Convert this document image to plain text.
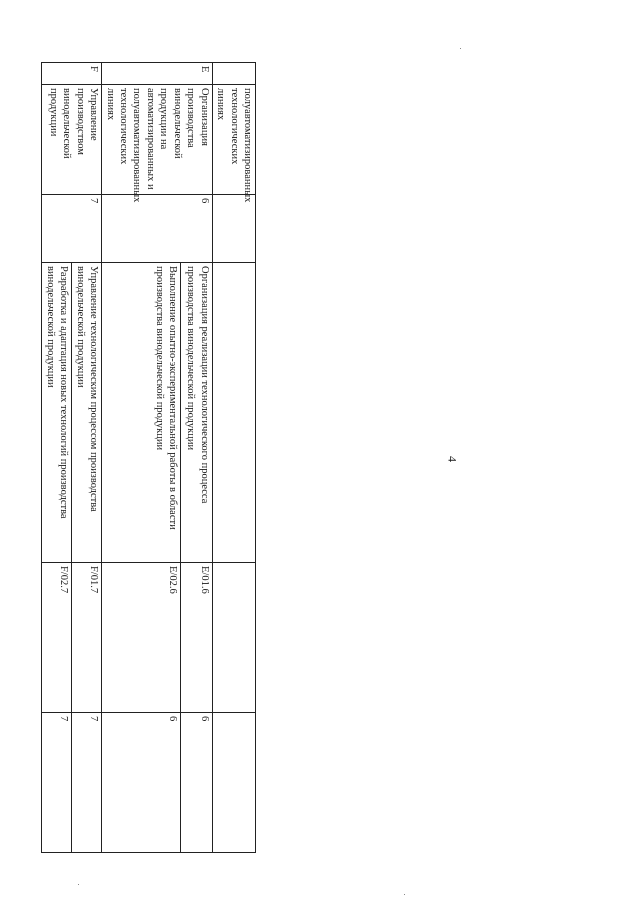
4
	полуавтоматизированных технологических линиях				
E	Организация производства винодельческой продукции на автоматизированных и полуавтоматизированных технологических линиях	6	Организация реализации технологического процесса производства винодельческой продукции	E/01.6	6
			Выполнение опытно-экспериментальной работы в области производства винодельческой продукции	E/02.6	6
F	Управление производством винодельческой продукции	7	Управление технологическим процессом производства винодельческой продукции	F/01.7	7
			Разработка и адаптация новых технологий производства винодельческой продукции	F/02.7	7
